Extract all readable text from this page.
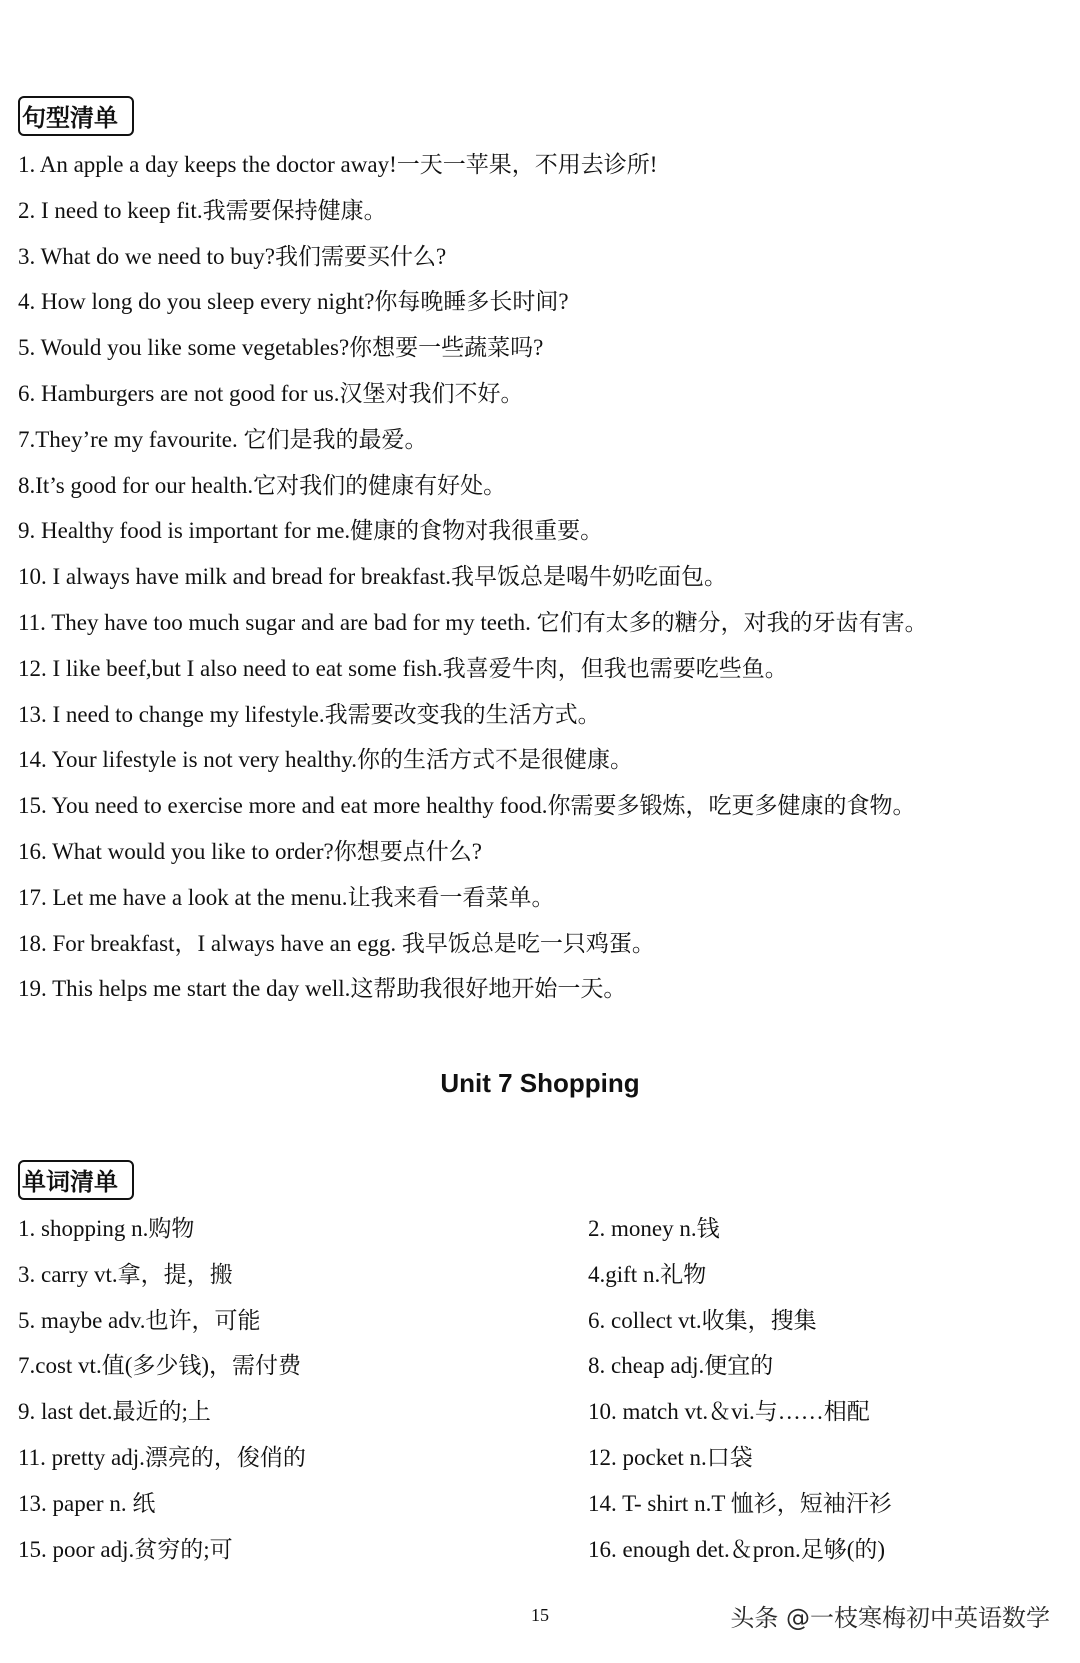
句型清单
1. An apple a day keeps the doctor away!一天一苹果，不用去诊所!
2. I need to keep fit.我需要保持健康。
3. What do we need to buy?我们需要买什么?
4. How long do you sleep every night?你每晚睡多长时间?
5. Would you like some vegetables?你想要一些蔬菜吗?
6. Hamburgers are not good for us.汉堡对我们不好。
7.They’re my favourite. 它们是我的最爱。
8.It’s good for our health.它对我们的健康有好处。
9. Healthy food is important for me.健康的食物对我很重要。
10. I always have milk and bread for breakfast.我早饭总是喝牛奶吃面包。
11. They have too much sugar and are bad for my teeth. 它们有太多的糖分，对我的牙齿有害。
12. I like beef,but I also need to eat some fish.我喜爱牛肉，但我也需要吃些鱼。
13. I need to change my lifestyle.我需要改变我的生活方式。
14. Your lifestyle is not very healthy.你的生活方式不是很健康。
15. You need to exercise more and eat more healthy food.你需要多锻炼，吃更多健康的食物。
16. What would you like to order?你想要点什么?
17. Let me have a look at the menu.让我来看一看菜单。
18. For breakfast，I always have an egg. 我早饭总是吃一只鸡蛋。
19. This helps me start the day well.这帮助我很好地开始一天。
Unit 7 Shopping
单词清单
1. shopping n.购物	2. money n.钱
3. carry vt.拿，提，搬	4.gift n.礼物
5. maybe adv.也许，可能	6. collect vt.收集，搜集
7.cost vt.值(多少钱)，需付费	8. cheap adj.便宜的
9. last det.最近的;上	10. match vt.＆vi.与……相配
11. pretty adj.漂亮的，俊俏的	12. pocket n.口袋
13. paper n. 纸	14. T- shirt n.T 恤衫，短袖汗衫
15. poor adj.贫穷的;可	16. enough det.＆pron.足够(的)
15	头条 @一枝寒梅初中英语数学
